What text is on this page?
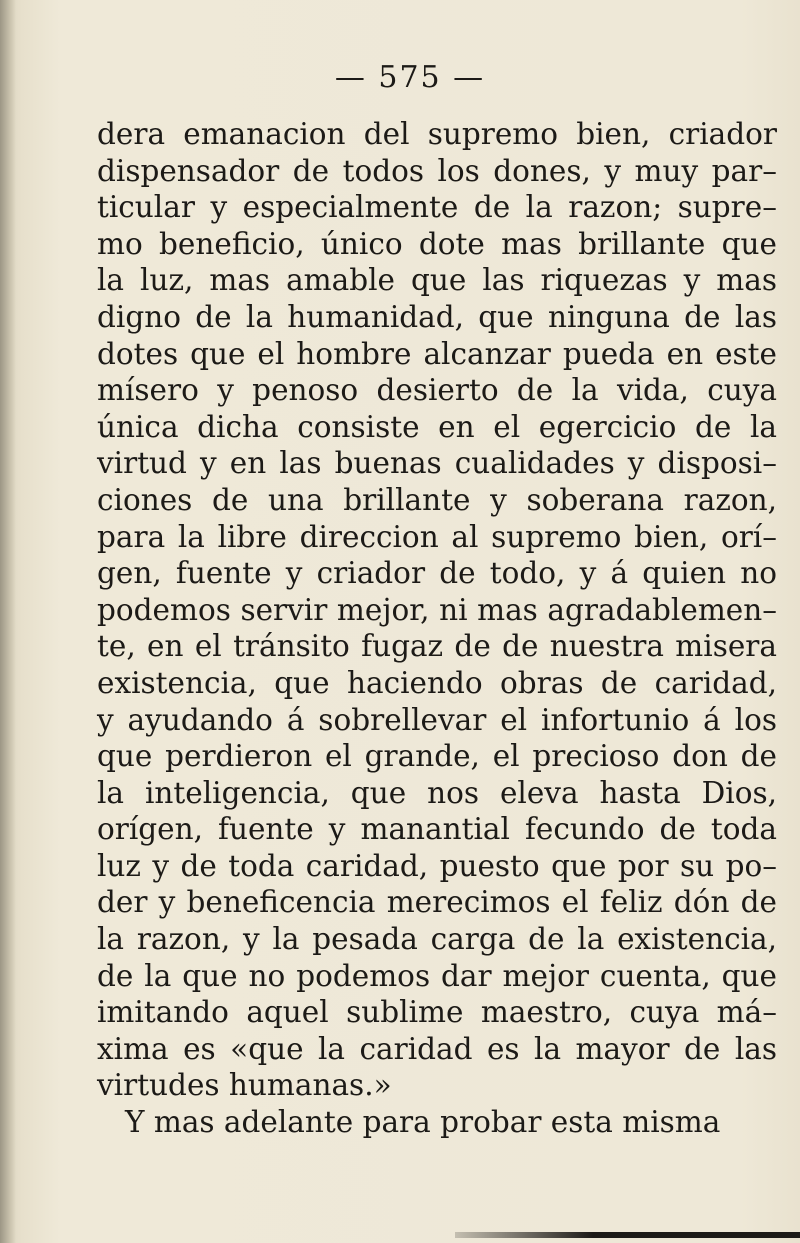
— 575 —
dera emanacion del supremo bien, criador
dispensador de todos los dones, y muy par–
ticular y especialmente de la razon; supre–
mo beneficio, único dote mas brillante que
la luz, mas amable que las riquezas y mas
digno de la humanidad, que ninguna de las
dotes que el hombre alcanzar pueda en este
mísero y penoso desierto de la vida, cuya
única dicha consiste en el egercicio de la
virtud y en las buenas cualidades y disposi–
ciones de una brillante y soberana razon,
para la libre direccion al supremo bien, orí–
gen, fuente y criador de todo, y á quien no
podemos servir mejor, ni mas agradablemen–
te, en el tránsito fugaz de de nuestra misera
existencia, que haciendo obras de caridad,
y ayudando á sobrellevar el infortunio á los
que perdieron el grande, el precioso don de
la inteligencia, que nos eleva hasta Dios,
orígen, fuente y manantial fecundo de toda
luz y de toda caridad, puesto que por su po–
der y beneficencia merecimos el feliz dón de
la razon, y la pesada carga de la existencia,
de la que no podemos dar mejor cuenta, que
imitando aquel sublime maestro, cuya má–
xima es «que la caridad es la mayor de las
virtudes humanas.»
Y mas adelante para probar esta misma
